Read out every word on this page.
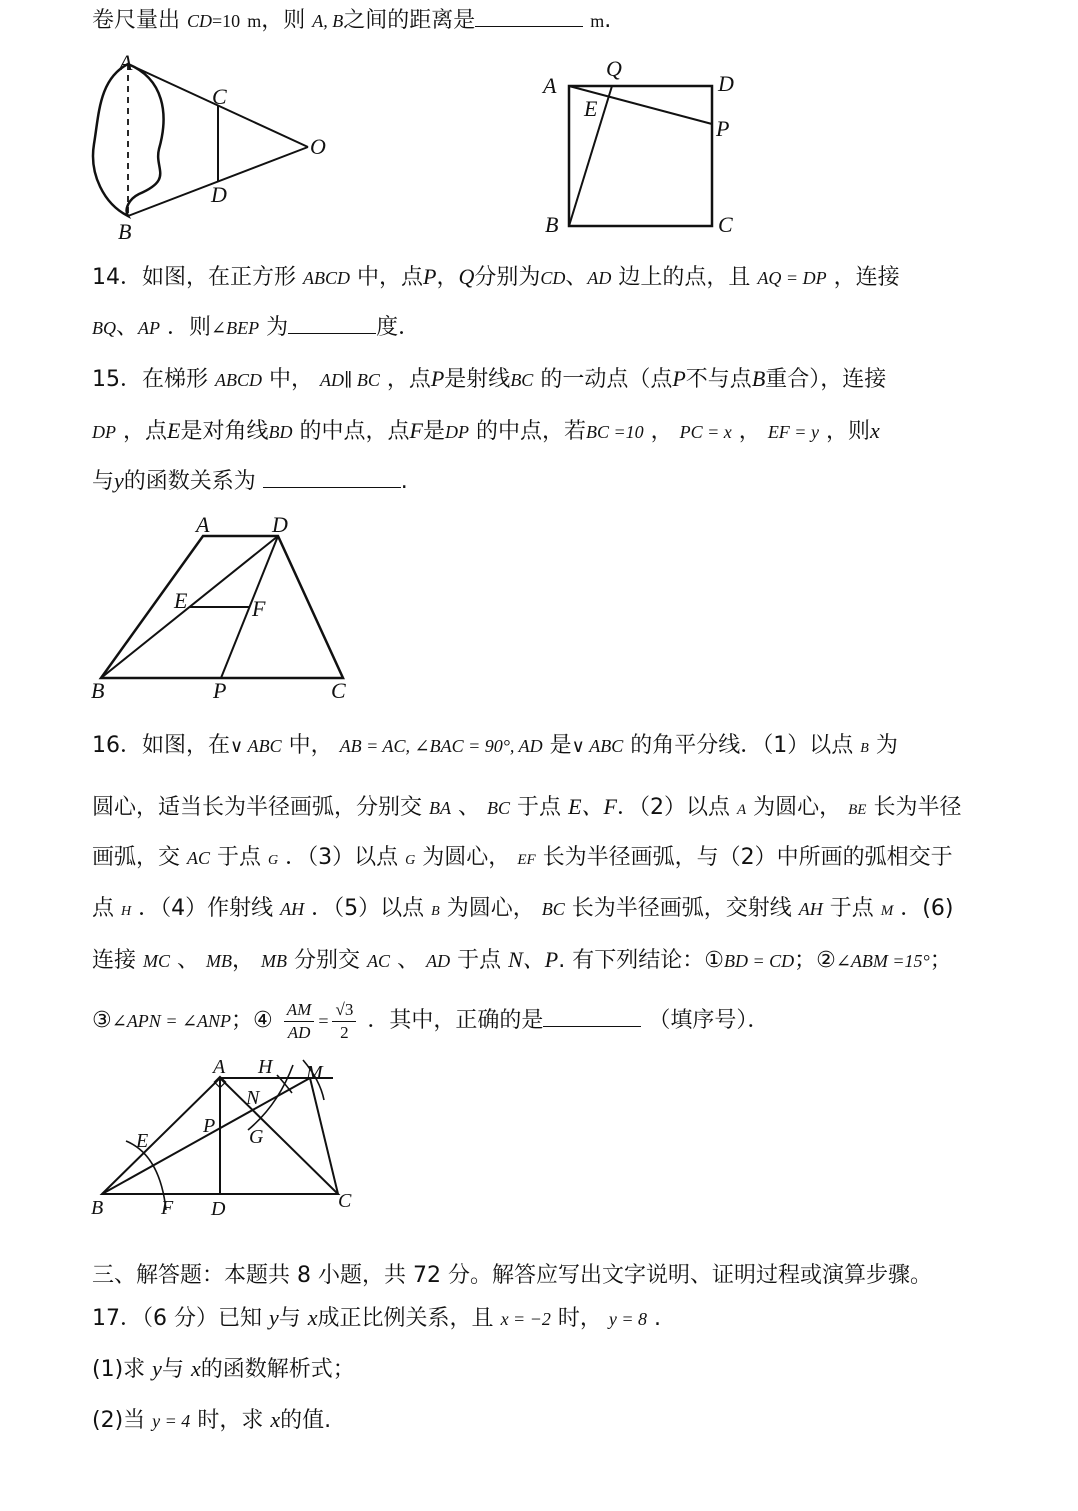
卷尺量出 CD=10 m，则 A, B之间的距离是	m.
A
B
C
D
O
A
Q
D
E
P
B	C
14．如图，在正方形 ABCD 中，点P，Q分别为CD、AD 边上的点，且 AQ = DP ，连接
BQ、AP ．则∠BEP 为	度．
15．在梯形 ABCD 中， AD∥ BC ，点P是射线BC 的一动点（点P不与点B重合），连接
DP ，点E是对角线BD 的中点，点F是DP 的中点，若BC =10 ， PC = x ， EF = y ，则x
与y的函数关系为	.
A	D
E	F
B	P	C
16．如图，在∨ ABC 中， AB = AC, ∠BAC = 90°, AD 是∨ ABC 的角平分线．（1）以点 B 为
圆心，适当长为半径画弧，分别交 BA 、 BC 于点 E、F．（2）以点 A 为圆心， BE 长为半径
画弧，交 AC 于点 G ．（3）以点 G 为圆心， EF 长为半径画弧，与（2）中所画的弧相交于
点 H ．（4）作射线 AH ．（5）以点 B 为圆心， BC 长为半径画弧，交射线 AH 于点 M ．(6)
连接 MC 、 MB， MB 分别交 AC 、 AD 于点 N、P. 有下列结论：①BD = CD；②∠ABM =15°；
③∠APN = ∠ANP；④ $\frac{AM}{AD} = \frac{√3}{2}$ ．其中，正确的是	（填序号）．
A H M
N
P
E	G
B	F D	C
三、解答题：本题共 8 小题，共 72 分。解答应写出文字说明、证明过程或演算步骤。
17．（6 分）已知 y与 x成正比例关系，且 x = −2 时， y = 8 .
(1)求 y与 x的函数解析式；
(2)当 y = 4 时，求 x的值.
